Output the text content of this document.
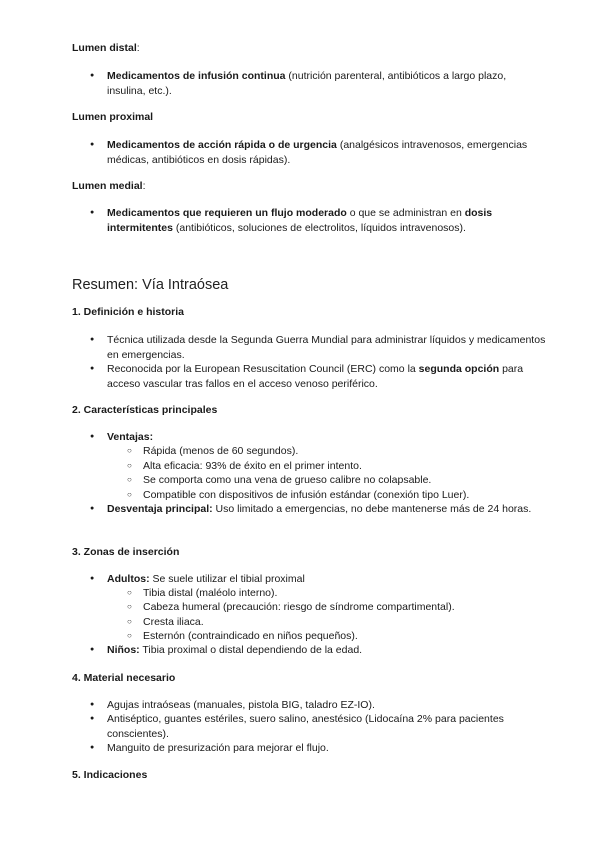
Lumen distal:
● Medicamentos de infusión continua (nutrición parenteral, antibióticos a largo plazo, insulina, etc.).
Lumen proximal
● Medicamentos de acción rápida o de urgencia (analgésicos intravenosos, emergencias médicas, antibióticos en dosis rápidas).
Lumen medial:
● Medicamentos que requieren un flujo moderado o que se administran en dosis intermitentes (antibióticos, soluciones de electrolitos, líquidos intravenosos).
Resumen: Vía Intraósea
1. Definición e historia
● Técnica utilizada desde la Segunda Guerra Mundial para administrar líquidos y medicamentos en emergencias.
● Reconocida por la European Resuscitation Council (ERC) como la segunda opción para acceso vascular tras fallos en el acceso venoso periférico.
2. Características principales
● Ventajas:
○ Rápida (menos de 60 segundos).
○ Alta eficacia: 93% de éxito en el primer intento.
○ Se comporta como una vena de grueso calibre no colapsable.
○ Compatible con dispositivos de infusión estándar (conexión tipo Luer).
● Desventaja principal: Uso limitado a emergencias, no debe mantenerse más de 24 horas.
3. Zonas de inserción
● Adultos: Se suele utilizar el tibial proximal
○ Tibia distal (maléolo interno).
○ Cabeza humeral (precaución: riesgo de síndrome compartimental).
○ Cresta iliaca.
○ Esternón (contraindicado en niños pequeños).
● Niños: Tibia proximal o distal dependiendo de la edad.
4. Material necesario
● Agujas intraóseas (manuales, pistola BIG, taladro EZ-IO).
● Antiséptico, guantes estériles, suero salino, anestésico (Lidocaína 2% para pacientes conscientes).
● Manguito de presurización para mejorar el flujo.
5. Indicaciones
